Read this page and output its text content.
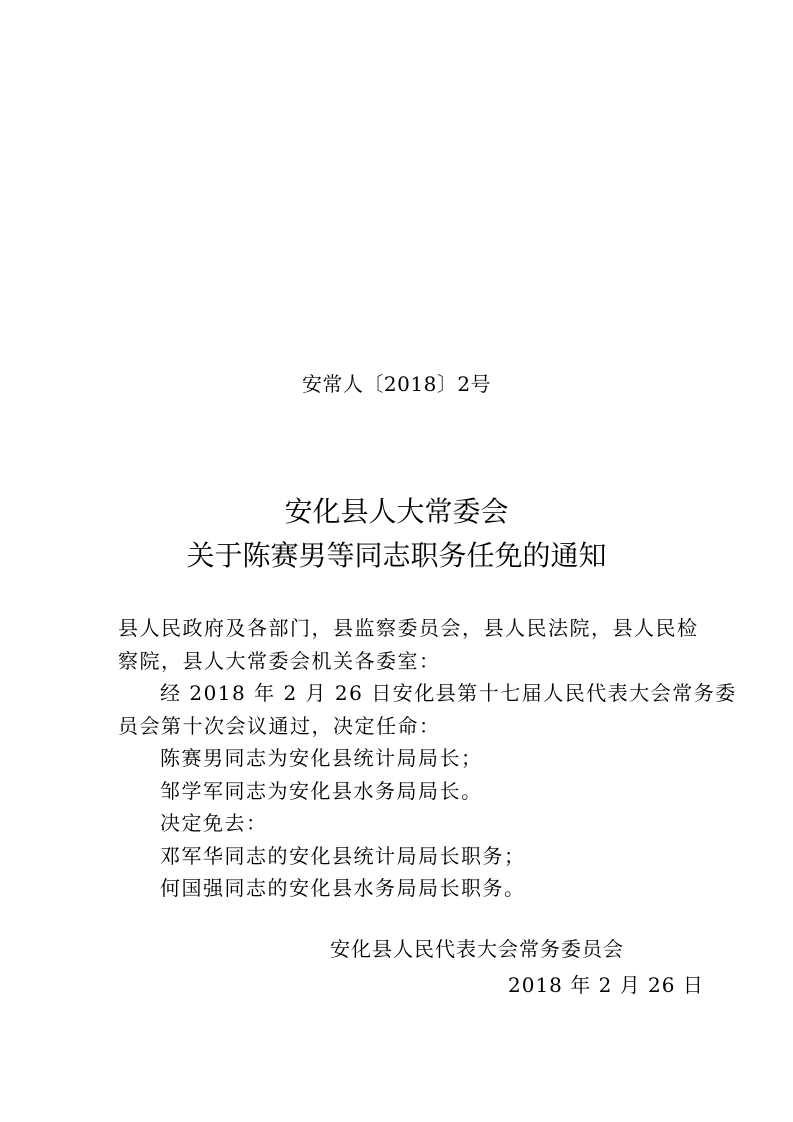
安常人〔2018〕2号
安化县人大常委会
关于陈赛男等同志职务任免的通知
县人民政府及各部门，县监察委员会，县人民法院，县人民检
察院，县人大常委会机关各委室：
经 2018 年 2 月 26 日安化县第十七届人民代表大会常务委
员会第十次会议通过，决定任命：
陈赛男同志为安化县统计局局长；
邹学军同志为安化县水务局局长。
决定免去：
邓军华同志的安化县统计局局长职务；
何国强同志的安化县水务局局长职务。
安化县人民代表大会常务委员会
2018 年 2 月 26 日
